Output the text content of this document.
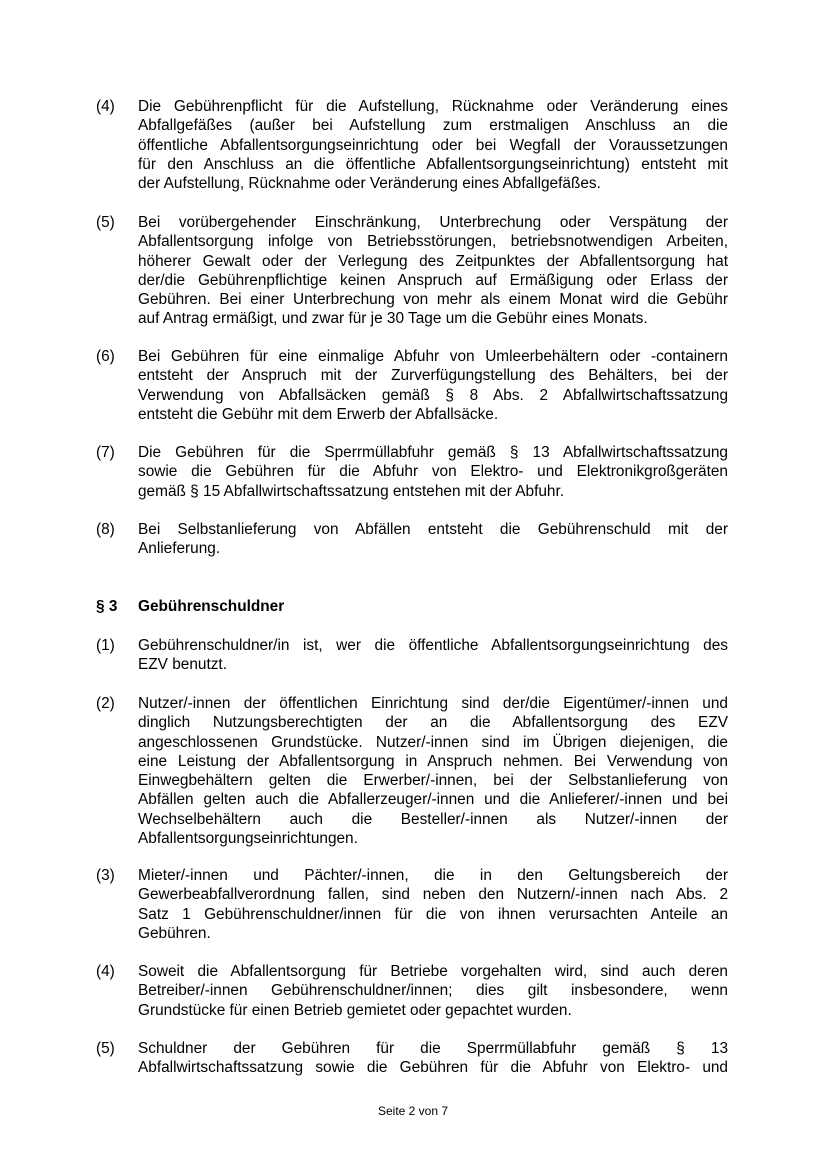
(4)	Die Gebührenpflicht für die Aufstellung, Rücknahme oder Veränderung eines
Abfallgefäßes (außer bei Aufstellung zum erstmaligen Anschluss an die
öffentliche Abfallentsorgungseinrichtung oder bei Wegfall der Voraussetzungen
für den Anschluss an die öffentliche Abfallentsorgungseinrichtung) entsteht mit
der Aufstellung, Rücknahme oder Veränderung eines Abfallgefäßes.
(5)	Bei vorübergehender Einschränkung, Unterbrechung oder Verspätung der
Abfallentsorgung infolge von Betriebsstörungen, betriebsnotwendigen Arbeiten,
höherer Gewalt oder der Verlegung des Zeitpunktes der Abfallentsorgung hat
der/die Gebührenpflichtige keinen Anspruch auf Ermäßigung oder Erlass der
Gebühren. Bei einer Unterbrechung von mehr als einem Monat wird die Gebühr
auf Antrag ermäßigt, und zwar für je 30 Tage um die Gebühr eines Monats.
(6)	Bei Gebühren für eine einmalige Abfuhr von Umleerbehältern oder -containern
entsteht der Anspruch mit der Zurverfügungstellung des Behälters, bei der
Verwendung von Abfallsäcken gemäß § 8 Abs. 2 Abfallwirtschaftssatzung
entsteht die Gebühr mit dem Erwerb der Abfallsäcke.
(7)	Die Gebühren für die Sperrmüllabfuhr gemäß § 13 Abfallwirtschaftssatzung
sowie die Gebühren für die Abfuhr von Elektro- und Elektronikgroßgeräten
gemäß § 15 Abfallwirtschaftssatzung entstehen mit der Abfuhr.
(8)	Bei Selbstanlieferung von Abfällen entsteht die Gebührenschuld mit der
Anlieferung.
§ 3	Gebührenschuldner
(1)	Gebührenschuldner/in ist, wer die öffentliche Abfallentsorgungseinrichtung des
EZV benutzt.
(2)	Nutzer/-innen der öffentlichen Einrichtung sind der/die Eigentümer/-innen und
dinglich Nutzungsberechtigten der an die Abfallentsorgung des EZV
angeschlossenen Grundstücke. Nutzer/-innen sind im Übrigen diejenigen, die
eine Leistung der Abfallentsorgung in Anspruch nehmen. Bei Verwendung von
Einwegbehältern gelten die Erwerber/-innen, bei der Selbstanlieferung von
Abfällen gelten auch die Abfallerzeuger/-innen und die Anlieferer/-innen und bei
Wechselbehältern auch die Besteller/-innen als Nutzer/-innen der
Abfallentsorgungseinrichtungen.
(3)	Mieter/-innen und Pächter/-innen, die in den Geltungsbereich der
Gewerbeabfallverordnung fallen, sind neben den Nutzern/-innen nach Abs. 2
Satz 1 Gebührenschuldner/innen für die von ihnen verursachten Anteile an
Gebühren.
(4)	Soweit die Abfallentsorgung für Betriebe vorgehalten wird, sind auch deren
Betreiber/-innen Gebührenschuldner/innen; dies gilt insbesondere, wenn
Grundstücke für einen Betrieb gemietet oder gepachtet wurden.
(5)	Schuldner der Gebühren für die Sperrmüllabfuhr gemäß § 13
Abfallwirtschaftssatzung sowie die Gebühren für die Abfuhr von Elektro- und
Seite 2 von 7
